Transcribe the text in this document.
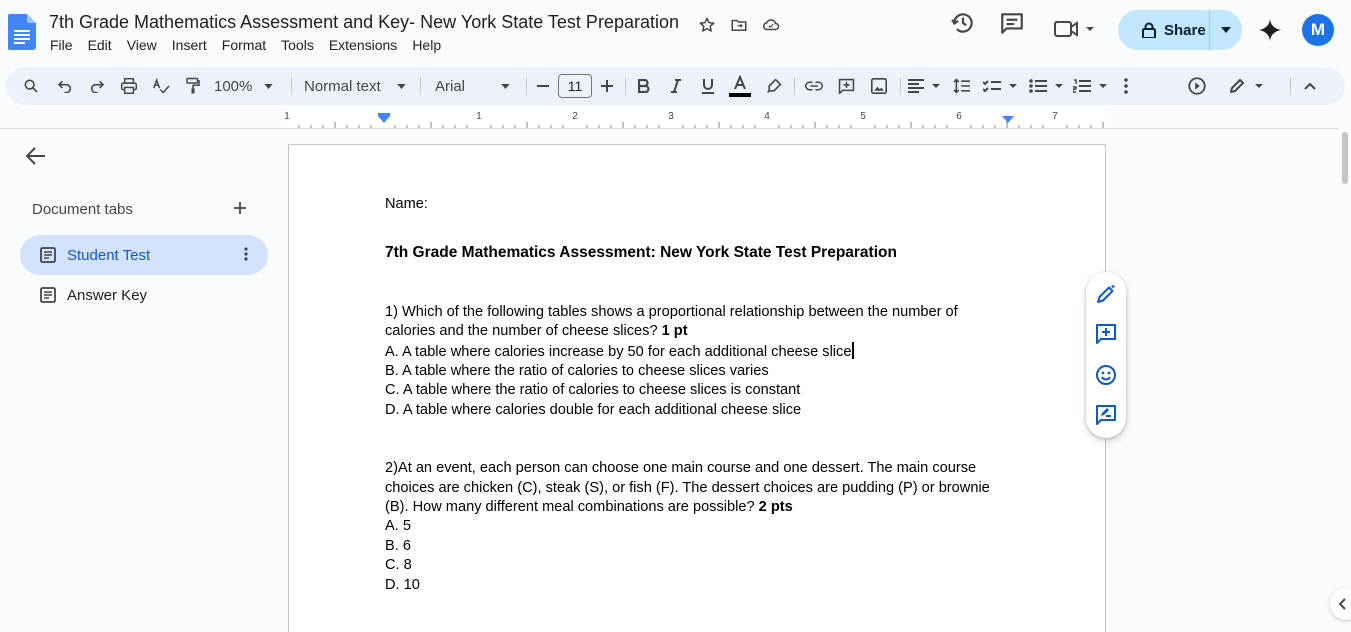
7th Grade Mathematics Assessment and Key- New York State Test Preparation
File	Edit	View	Insert	Format	Tools	Extensions	Help
Share	M
100%	Normal text	Arial	11
1	1	2	3	4	5	6	7
Document tabs
Student Test
Answer Key
Name:
7th Grade Mathematics Assessment: New York State Test Preparation
1) Which of the following tables shows a proportional relationship between the number of
calories and the number of cheese slices? 1 pt
A. A table where calories increase by 50 for each additional cheese slice
B. A table where the ratio of calories to cheese slices varies
C. A table where the ratio of calories to cheese slices is constant
D. A table where calories double for each additional cheese slice
2)At an event, each person can choose one main course and one dessert. The main course
choices are chicken (C), steak (S), or fish (F). The dessert choices are pudding (P) or brownie
(B). How many different meal combinations are possible? 2 pts
A. 5
B. 6
C. 8
D. 10
